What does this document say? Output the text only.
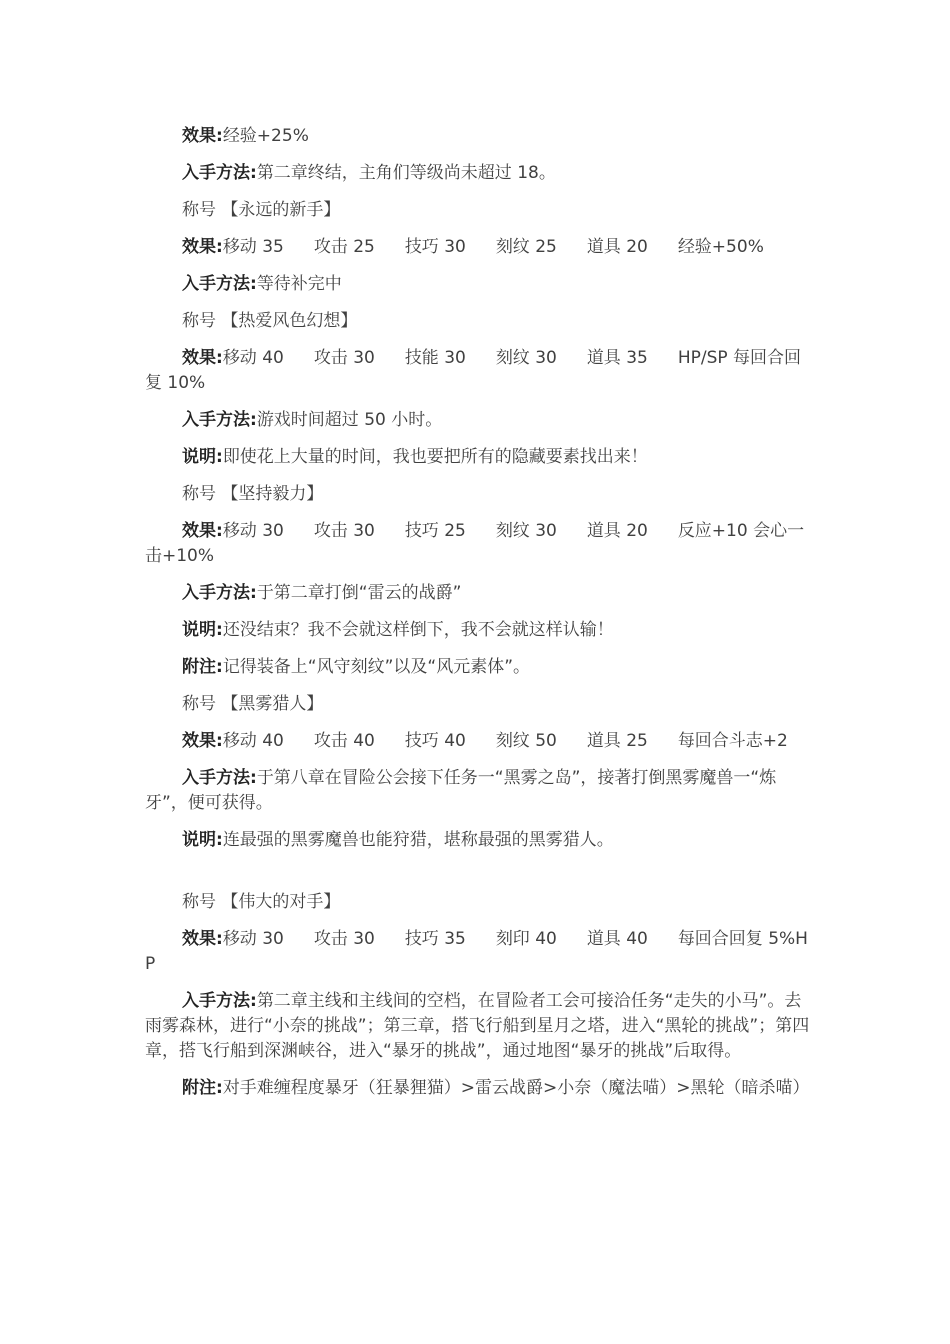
效果:经验+25%

入手方法:第二章终结，主角们等级尚未超过 18。

称号 【永远的新手】

效果:移动 35 攻击 25 技巧 30 刻纹 25 道具 20 经验+50%

入手方法:等待补完中

称号 【热爱风色幻想】

效果:移动 40 攻击 30 技能 30 刻纹 30 道具 35 HP/SP 每回合回复 10%

入手方法:游戏时间超过 50 小时。

说明:即使花上大量的时间，我也要把所有的隐藏要素找出来！

称号 【坚持毅力】

效果:移动 30 攻击 30 技巧 25 刻纹 30 道具 20 反应+10 会心一击+10%

入手方法:于第二章打倒“雷云的战爵”

说明:还没结束？我不会就这样倒下，我不会就这样认输！

附注:记得装备上“风守刻纹”以及“风元素体”。

称号 【黑雾猎人】

效果:移动 40 攻击 40 技巧 40 刻纹 50 道具 25 每回合斗志+2

入手方法:于第八章在冒险公会接下任务一“黑雾之岛”，接著打倒黑雾魔兽一“炼牙”，便可获得。

说明:连最强的黑雾魔兽也能狩猎，堪称最强的黑雾猎人。

称号 【伟大的对手】

效果:移动 30 攻击 30 技巧 35 刻印 40 道具 40 每回合回复 5%HP

入手方法:第二章主线和主线间的空档，在冒险者工会可接洽任务“走失的小马”。去雨雾森林，进行“小奈的挑战”；第三章，搭飞行船到星月之塔，进入“黑轮的挑战”；第四章，搭飞行船到深渊峡谷，进入“暴牙的挑战”，通过地图“暴牙的挑战”后取得。

附注:对手难缠程度暴牙（狂暴狸猫）>雷云战爵>小奈（魔法喵）>黑轮（暗杀喵）
